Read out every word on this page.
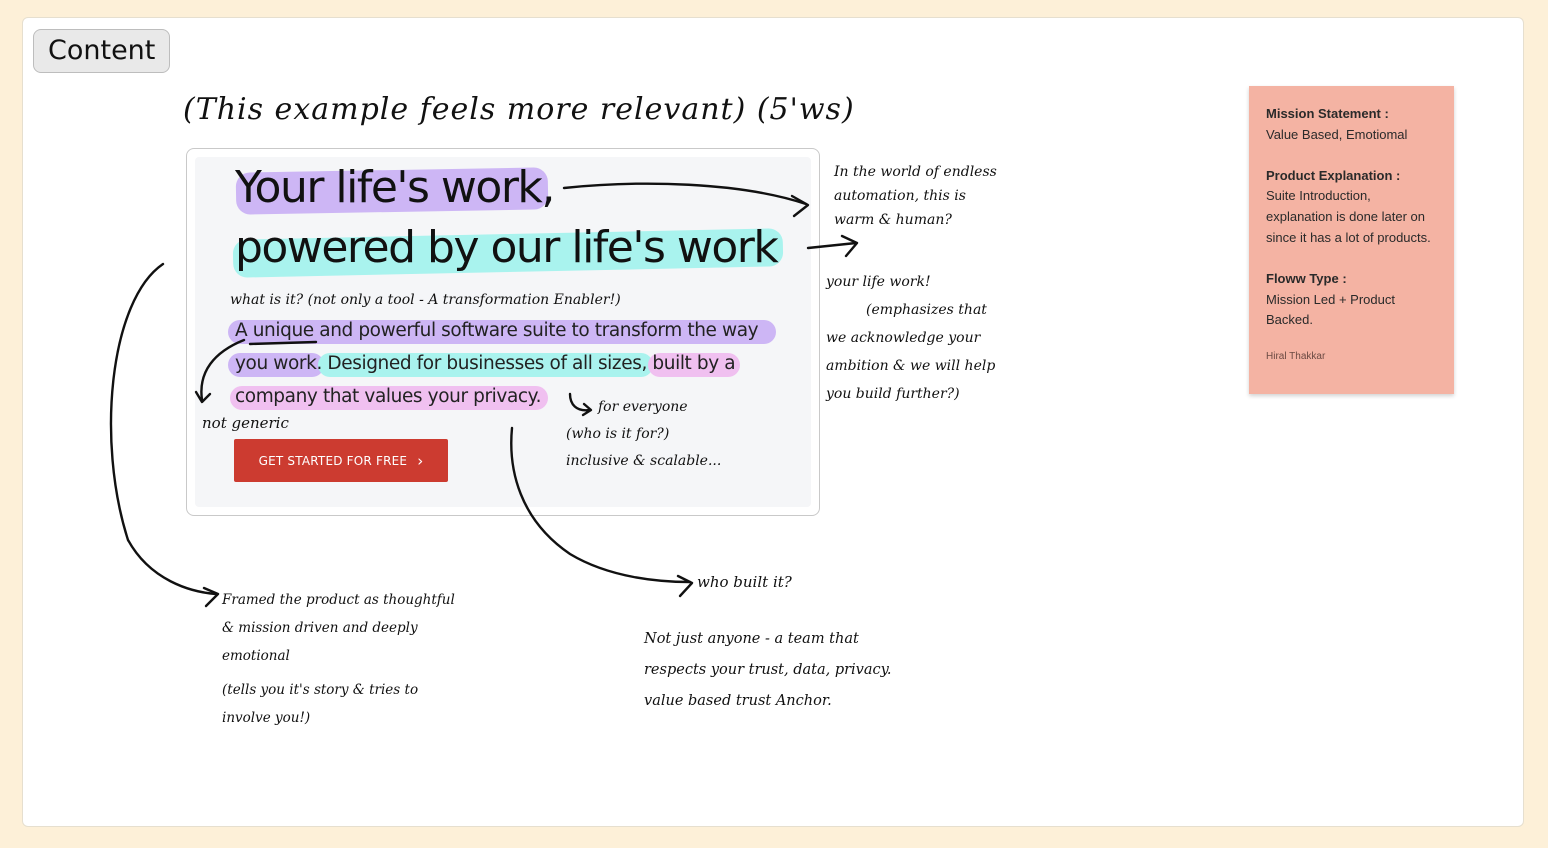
Content
(This example feels more relevant) (5'ws)
Your life's work,
powered by our life's work
what is it? (not only a tool - A transformation Enabler!)
A unique and powerful software suite to transform the way
you work. Designed for businesses of all sizes, built by a
company that values your privacy.
not generic
GET STARTED FOR FREE ›
In the world of endless
automation, this is
warm & human?
your life work!
(emphasizes that
we acknowledge your
ambition & we will help
you build further?)
for everyone
(who is it for?)
inclusive & scalable...
who built it?
Framed the product as thoughtful
& mission driven and deeply
emotional
(tells you it's story & tries to
involve you!)
Not just anyone - a team that
respects your trust, data, privacy.
value based trust Anchor.
Mission Statement :
Value Based, Emotiomal
Product Explanation :
Suite Introduction, explanation is done later on since it has a lot of products.
Floww Type :
Mission Led + Product Backed.
Hiral Thakkar
